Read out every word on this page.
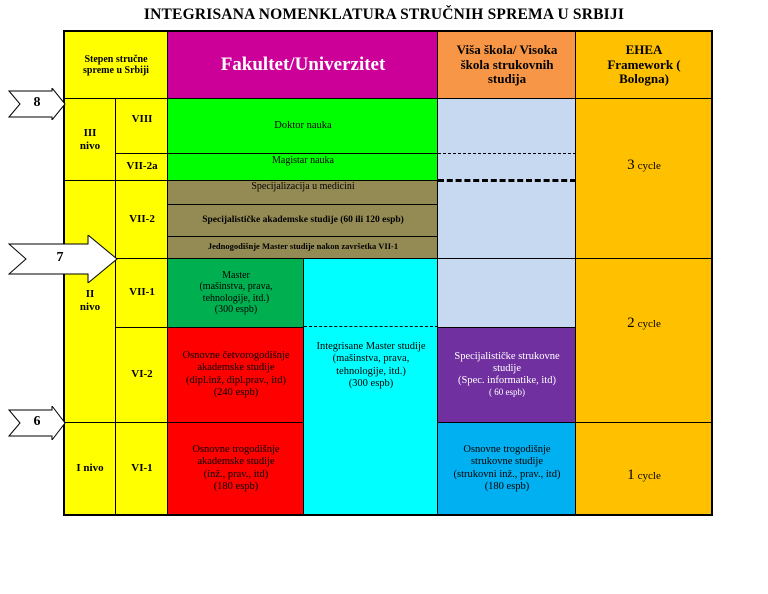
INTEGRISANA NOMENKLATURA STRUČNIH SPREMA U SRBIJI
Stepen stručne spreme u Srbiji	Fakultet/Univerzitet
Viša škola/ Visoka škola strukovnih studija
EHEA Framework ( Bologna)
III nivo
II nivo
I nivo
VIII
VII-2a
VII-2
VII-1
VI-2
VI-1
Doktor nauka
Magistar nauka
Specijalizacija u medicini
Specijalističke akademske studije (60 ili 120 espb)
Jednogodišnje Master studije nakon završetka VII-1
Master
(mašinstva, prava,
tehnologije, itd.)
(300 espb)
Integrisane Master studije
(mašinstva, prava,
tehnologije, itd.)
(300 espb)
Osnovne četvorogodišnje
akademske studije
(dipl.inž, dipl.prav., itd)
(240 espb)
Osnovne trogodišnje
akademske studije
(inž., prav., itd)
(180 espb)
Specijalističke strukovne
studije
(Spec. informatike, itd)
( 60 espb)
Osnovne trogodišnje
strukovne studije
(strukovni inž., prav., itd)
(180 espb)
3 cycle
2 cycle
1 cycle
8
7
6
